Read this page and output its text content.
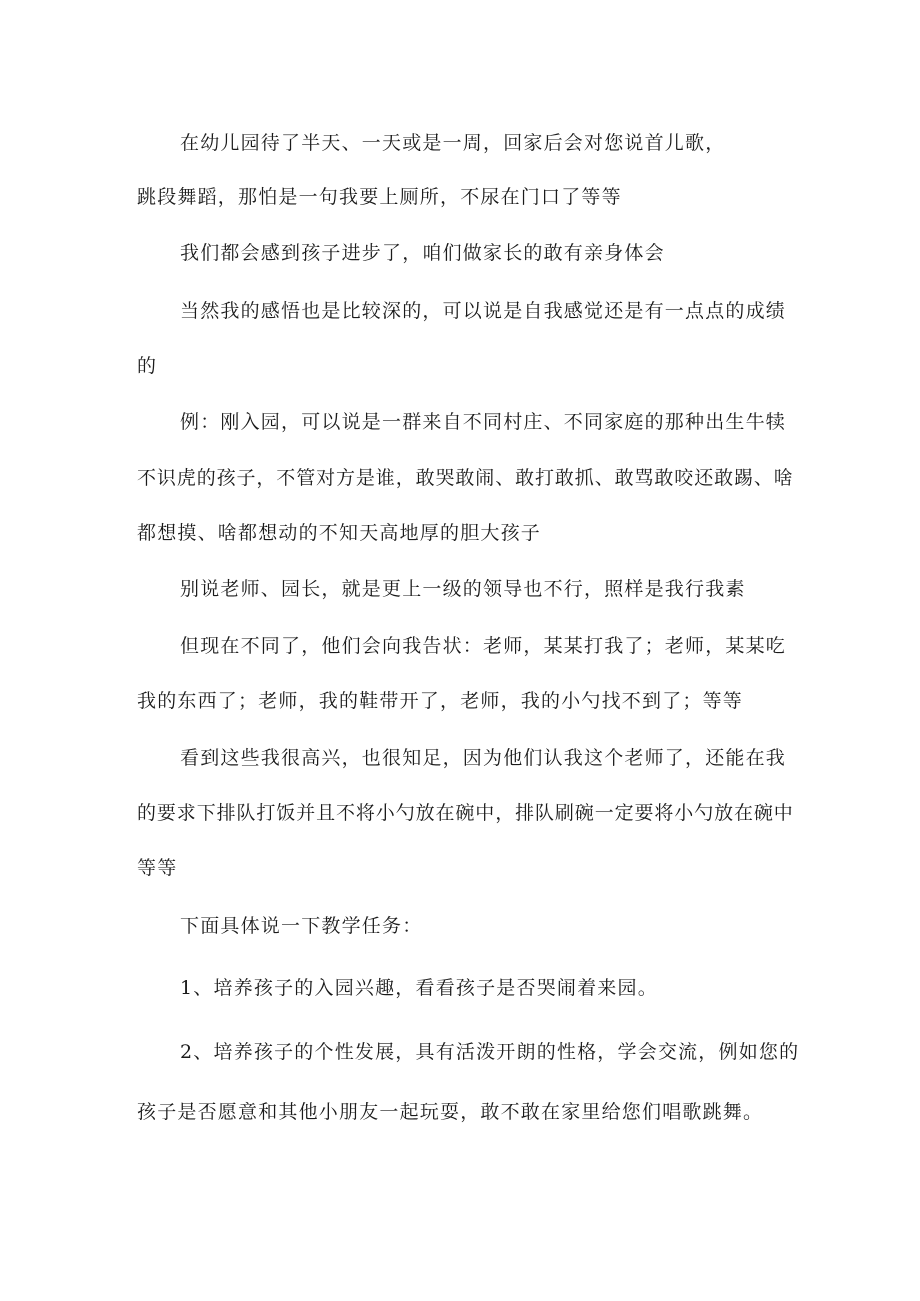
在幼儿园待了半天、一天或是一周，回家后会对您说首儿歌，
跳段舞蹈，那怕是一句我要上厕所，不尿在门口了等等
我们都会感到孩子进步了，咱们做家长的敢有亲身体会
当然我的感悟也是比较深的，可以说是自我感觉还是有一点点的成绩
的
例：刚入园，可以说是一群来自不同村庄、不同家庭的那种出生牛犊
不识虎的孩子，不管对方是谁，敢哭敢闹、敢打敢抓、敢骂敢咬还敢踢、啥
都想摸、啥都想动的不知天高地厚的胆大孩子
别说老师、园长，就是更上一级的领导也不行，照样是我行我素
但现在不同了，他们会向我告状：老师，某某打我了；老师，某某吃
我的东西了；老师，我的鞋带开了，老师，我的小勺找不到了；等等
看到这些我很高兴，也很知足，因为他们认我这个老师了，还能在我
的要求下排队打饭并且不将小勺放在碗中，排队刷碗一定要将小勺放在碗中
等等
下面具体说一下教学任务：
1、培养孩子的入园兴趣，看看孩子是否哭闹着来园。
2、培养孩子的个性发展，具有活泼开朗的性格，学会交流，例如您的
孩子是否愿意和其他小朋友一起玩耍，敢不敢在家里给您们唱歌跳舞。
